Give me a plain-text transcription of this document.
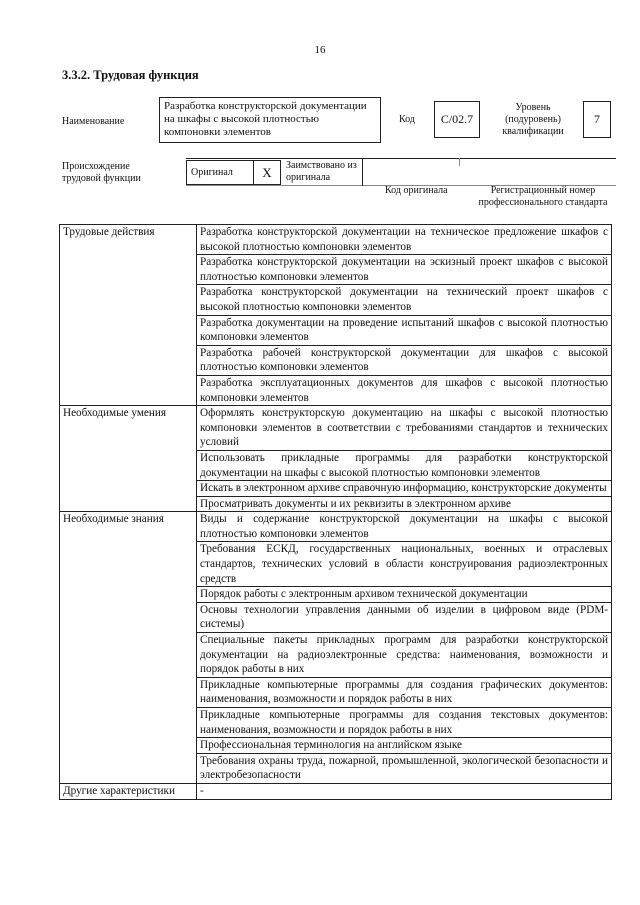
16
3.3.2. Трудовая функция
Наименование
Разработка конструкторской документации на шкафы с высокой плотностью компоновки элементов
Код	C/02.7
Уровень
(подуровень)
квалификации
7
Происхождение
трудовой функции
Оригинал	X	Заимствовано из
оригинала
Код оригинала	Регистрационный номер
профессионального стандарта
Трудовые действия	Разработка конструкторской документации на техническое предложение шкафов с высокой плотностью компоновки элементов
	Разработка конструкторской документации на эскизный проект шкафов с высокой плотностью компоновки элементов
	Разработка конструкторской документации на технический проект шкафов с высокой плотностью компоновки элементов
	Разработка документации на проведение испытаний шкафов с высокой плотностью компоновки элементов
	Разработка рабочей конструкторской документации для шкафов с высокой плотностью компоновки элементов
	Разработка эксплуатационных документов для шкафов с высокой плотностью компоновки элементов
Необходимые умения	Оформлять конструкторскую документацию на шкафы с высокой плотностью компоновки элементов в соответствии с требованиями стандартов и технических условий
	Использовать прикладные программы для разработки конструкторской документации на шкафы с высокой плотностью компоновки элементов
	Искать в электронном архиве справочную информацию, конструкторские документы
	Просматривать документы и их реквизиты в электронном архиве
Необходимые знания	Виды и содержание конструкторской документации на шкафы с высокой плотностью компоновки элементов
	Требования ЕСКД, государственных национальных, военных и отраслевых стандартов, технических условий в области конструирования радиоэлектронных средств
	Порядок работы с электронным архивом технической документации
	Основы технологии управления данными об изделии в цифровом виде (PDM-системы)
	Специальные пакеты прикладных программ для разработки конструкторской документации на радиоэлектронные средства: наименования, возможности и порядок работы в них
	Прикладные компьютерные программы для создания графических документов: наименования, возможности и порядок работы в них
	Прикладные компьютерные программы для создания текстовых документов: наименования, возможности и порядок работы в них
	Профессиональная терминология на английском языке
	Требования охраны труда, пожарной, промышленной, экологической безопасности и электробезопасности
Другие характеристики	-
